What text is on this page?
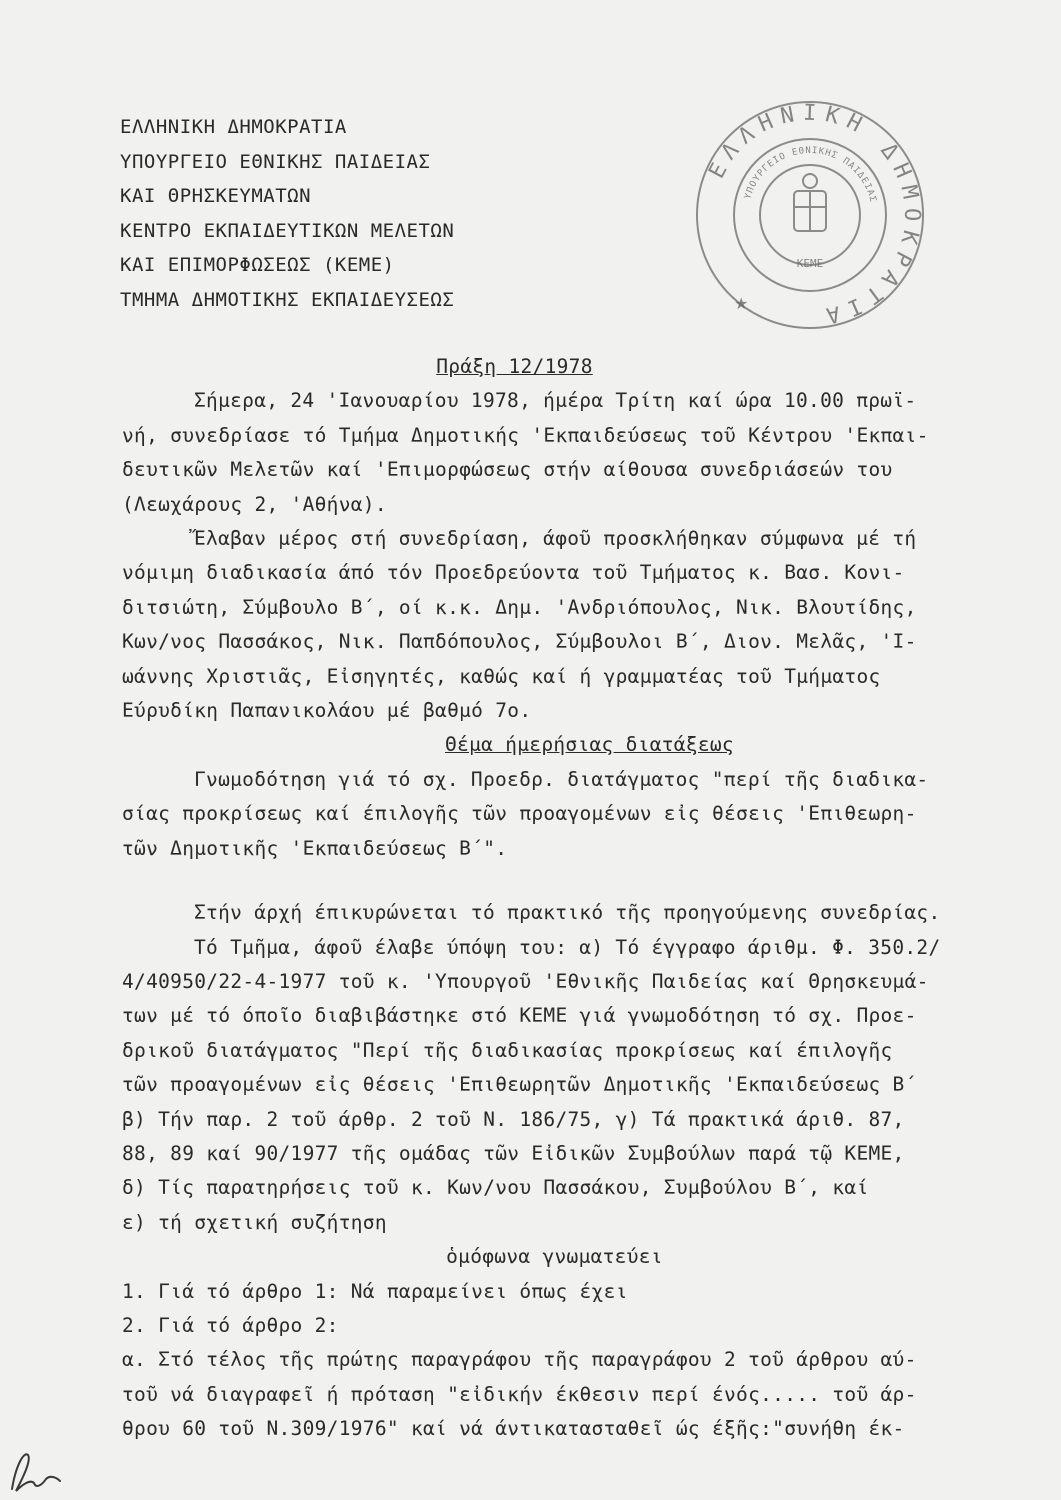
ΕΛΛΗΝΙΚΗ ΔΗΜΟΚΡΑΤΙΑ
ΥΠΟΥΡΓΕΙΟ ΕΘΝΙΚΗΣ ΠΑΙΔΕΙΑΣ
ΚΑΙ ΘΡΗΣΚΕΥΜΑΤΩΝ
ΚΕΝΤΡΟ ΕΚΠΑΙΔΕΥΤΙΚΩΝ ΜΕΛΕΤΩΝ
ΚΑΙ ΕΠΙΜΟΡΦΩΣΕΩΣ (ΚΕΜΕ)
ΤΜΗΜΑ ΔΗΜΟΤΙΚΗΣ ΕΚΠΑΙΔΕΥΣΕΩΣ
ΕΛΛΗΝΙΚΗ ΔΗΜΟΚΡΑΤΙΑ
ΥΠΟΥΡΓΕΙΟ ΕΘΝΙΚΗΣ ΠΑΙΔΕΙΑΣ
ΚΕΜΕ
★
Πράξη 12/1978
Σήμερα, 24 'Ιανουαρίου 1978, ήμέρα Τρίτη καί ώρα 10.00 πρωϊ-
νή, συνεδρίασε τό Τμήμα Δημοτικής 'Εκπαιδεύσεως τοῦ Κέντρου 'Εκπαι-
δευτικῶν Μελετῶν καί 'Επιμορφώσεως στήν αίθουσα συνεδριάσεών του
(Λεωχάρους 2, 'Αθήνα).
Ἔλαβαν μέρος στή συνεδρίαση, άφοῦ προσκλήθηκαν σύμφωνα μέ τή
νόμιμη διαδικασία άπό τόν Προεδρεύοντα τοῦ Τμήματος κ. Βασ. Κονι-
διτσιώτη, Σύμβουλο Β΄, οί κ.κ. Δημ. 'Ανδριόπουλος, Νικ. Βλουτίδης,
Κων/νος Πασσάκος, Νικ. Παπδόπουλος, Σύμβουλοι Β΄, Διον. Μελᾶς, 'Ι-
ωάννης Χριστιᾶς, Εἰσηγητές, καθώς καί ή γραμματέας τοῦ Τμήματος
Εύρυδίκη Παπανικολάου μέ βαθμό 7ο.
Θέμα ήμερήσιας διατάξεως
Γνωμοδότηση γιά τό σχ. Προεδρ. διατάγματος "περί τῆς διαδικα-
σίας προκρίσεως καί έπιλογῆς τῶν προαγομένων εἰς θέσεις 'Επιθεωρη-
τῶν Δημοτικῆς 'Εκπαιδεύσεως Β΄".
Στήν άρχή έπικυρώνεται τό πρακτικό τῆς προηγούμενης συνεδρίας.
Τό Τμῆμα, άφοῦ έλαβε ύπόψη του: α) Τό έγγραφο άριθμ. Φ. 350.2/
4/40950/22-4-1977 τοῦ κ. 'Υπουργοῦ 'Εθνικῆς Παιδείας καί Θρησκευμά-
των μέ τό όποῖο διαβιβάστηκε στό ΚΕΜΕ γιά γνωμοδότηση τό σχ. Προε-
δρικοῦ διατάγματος "Περί τῆς διαδικασίας προκρίσεως καί έπιλογῆς
τῶν προαγομένων εἰς θέσεις 'Επιθεωρητῶν Δημοτικῆς 'Εκπαιδεύσεως Β΄
β) Τήν παρ. 2 τοῦ άρθρ. 2 τοῦ Ν. 186/75, γ) Τά πρακτικά άριθ. 87,
88, 89 καί 90/1977 τῆς ομάδας τῶν Εἰδικῶν Συμβούλων παρά τῷ ΚΕΜΕ,
δ) Τίς παρατηρήσεις τοῦ κ. Κων/νου Πασσάκου, Συμβούλου Β΄, καί
ε) τή σχετική συζήτηση
ὁμόφωνα γνωματεύει
1. Γιά τό άρθρο 1: Νά παραμείνει όπως έχει
2. Γιά τό άρθρο 2:
α. Στό τέλος τῆς πρώτης παραγράφου τῆς παραγράφου 2 τοῦ άρθρου αύ-
τοῦ νά διαγραφεῖ ή πρόταση "εἰδικήν έκθεσιν περί ένός..... τοῦ άρ-
θρου 60 τοῦ Ν.309/1976" καί νά άντικατασταθεῖ ώς έξῆς:"συνήθη έκ-
